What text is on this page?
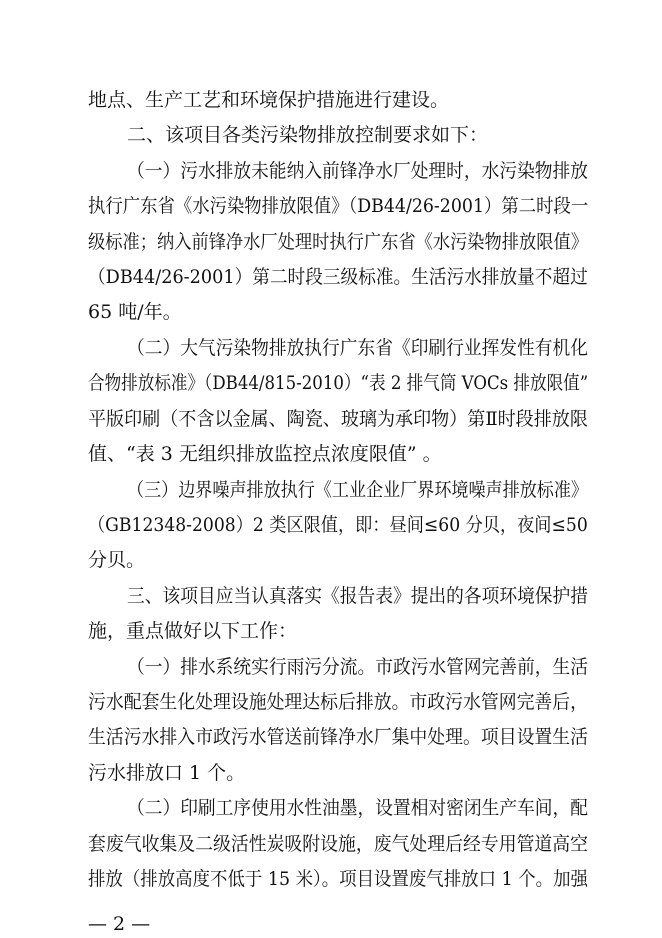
地点、生产工艺和环境保护措施进行建设。
二、该项目各类污染物排放控制要求如下：
（一）污水排放未能纳入前锋净水厂处理时，水污染物排放
执行广东省《水污染物排放限值》（DB44/26-2001）第二时段一
级标准；纳入前锋净水厂处理时执行广东省《水污染物排放限值》
（DB44/26-2001）第二时段三级标准。生活污水排放量不超过
65 吨/年。
（二）大气污染物排放执行广东省《印刷行业挥发性有机化
合物排放标准》（DB44/815-2010）“表 2 排气筒 VOCs 排放限值”
平版印刷（不含以金属、陶瓷、玻璃为承印物）第Ⅱ时段排放限
值、“表 3 无组织排放监控点浓度限值” 。
（三）边界噪声排放执行《工业企业厂界环境噪声排放标准》
（GB12348-2008）2 类区限值，即：昼间≤60 分贝，夜间≤50
分贝。
三、该项目应当认真落实《报告表》提出的各项环境保护措
施，重点做好以下工作：
（一）排水系统实行雨污分流。市政污水管网完善前，生活
污水配套生化处理设施处理达标后排放。市政污水管网完善后，
生活污水排入市政污水管送前锋净水厂集中处理。项目设置生活
污水排放口 1 个。
（二）印刷工序使用水性油墨，设置相对密闭生产车间，配
套废气收集及二级活性炭吸附设施，废气处理后经专用管道高空
排放（排放高度不低于 15 米）。项目设置废气排放口 1 个。加强
— 2 —
